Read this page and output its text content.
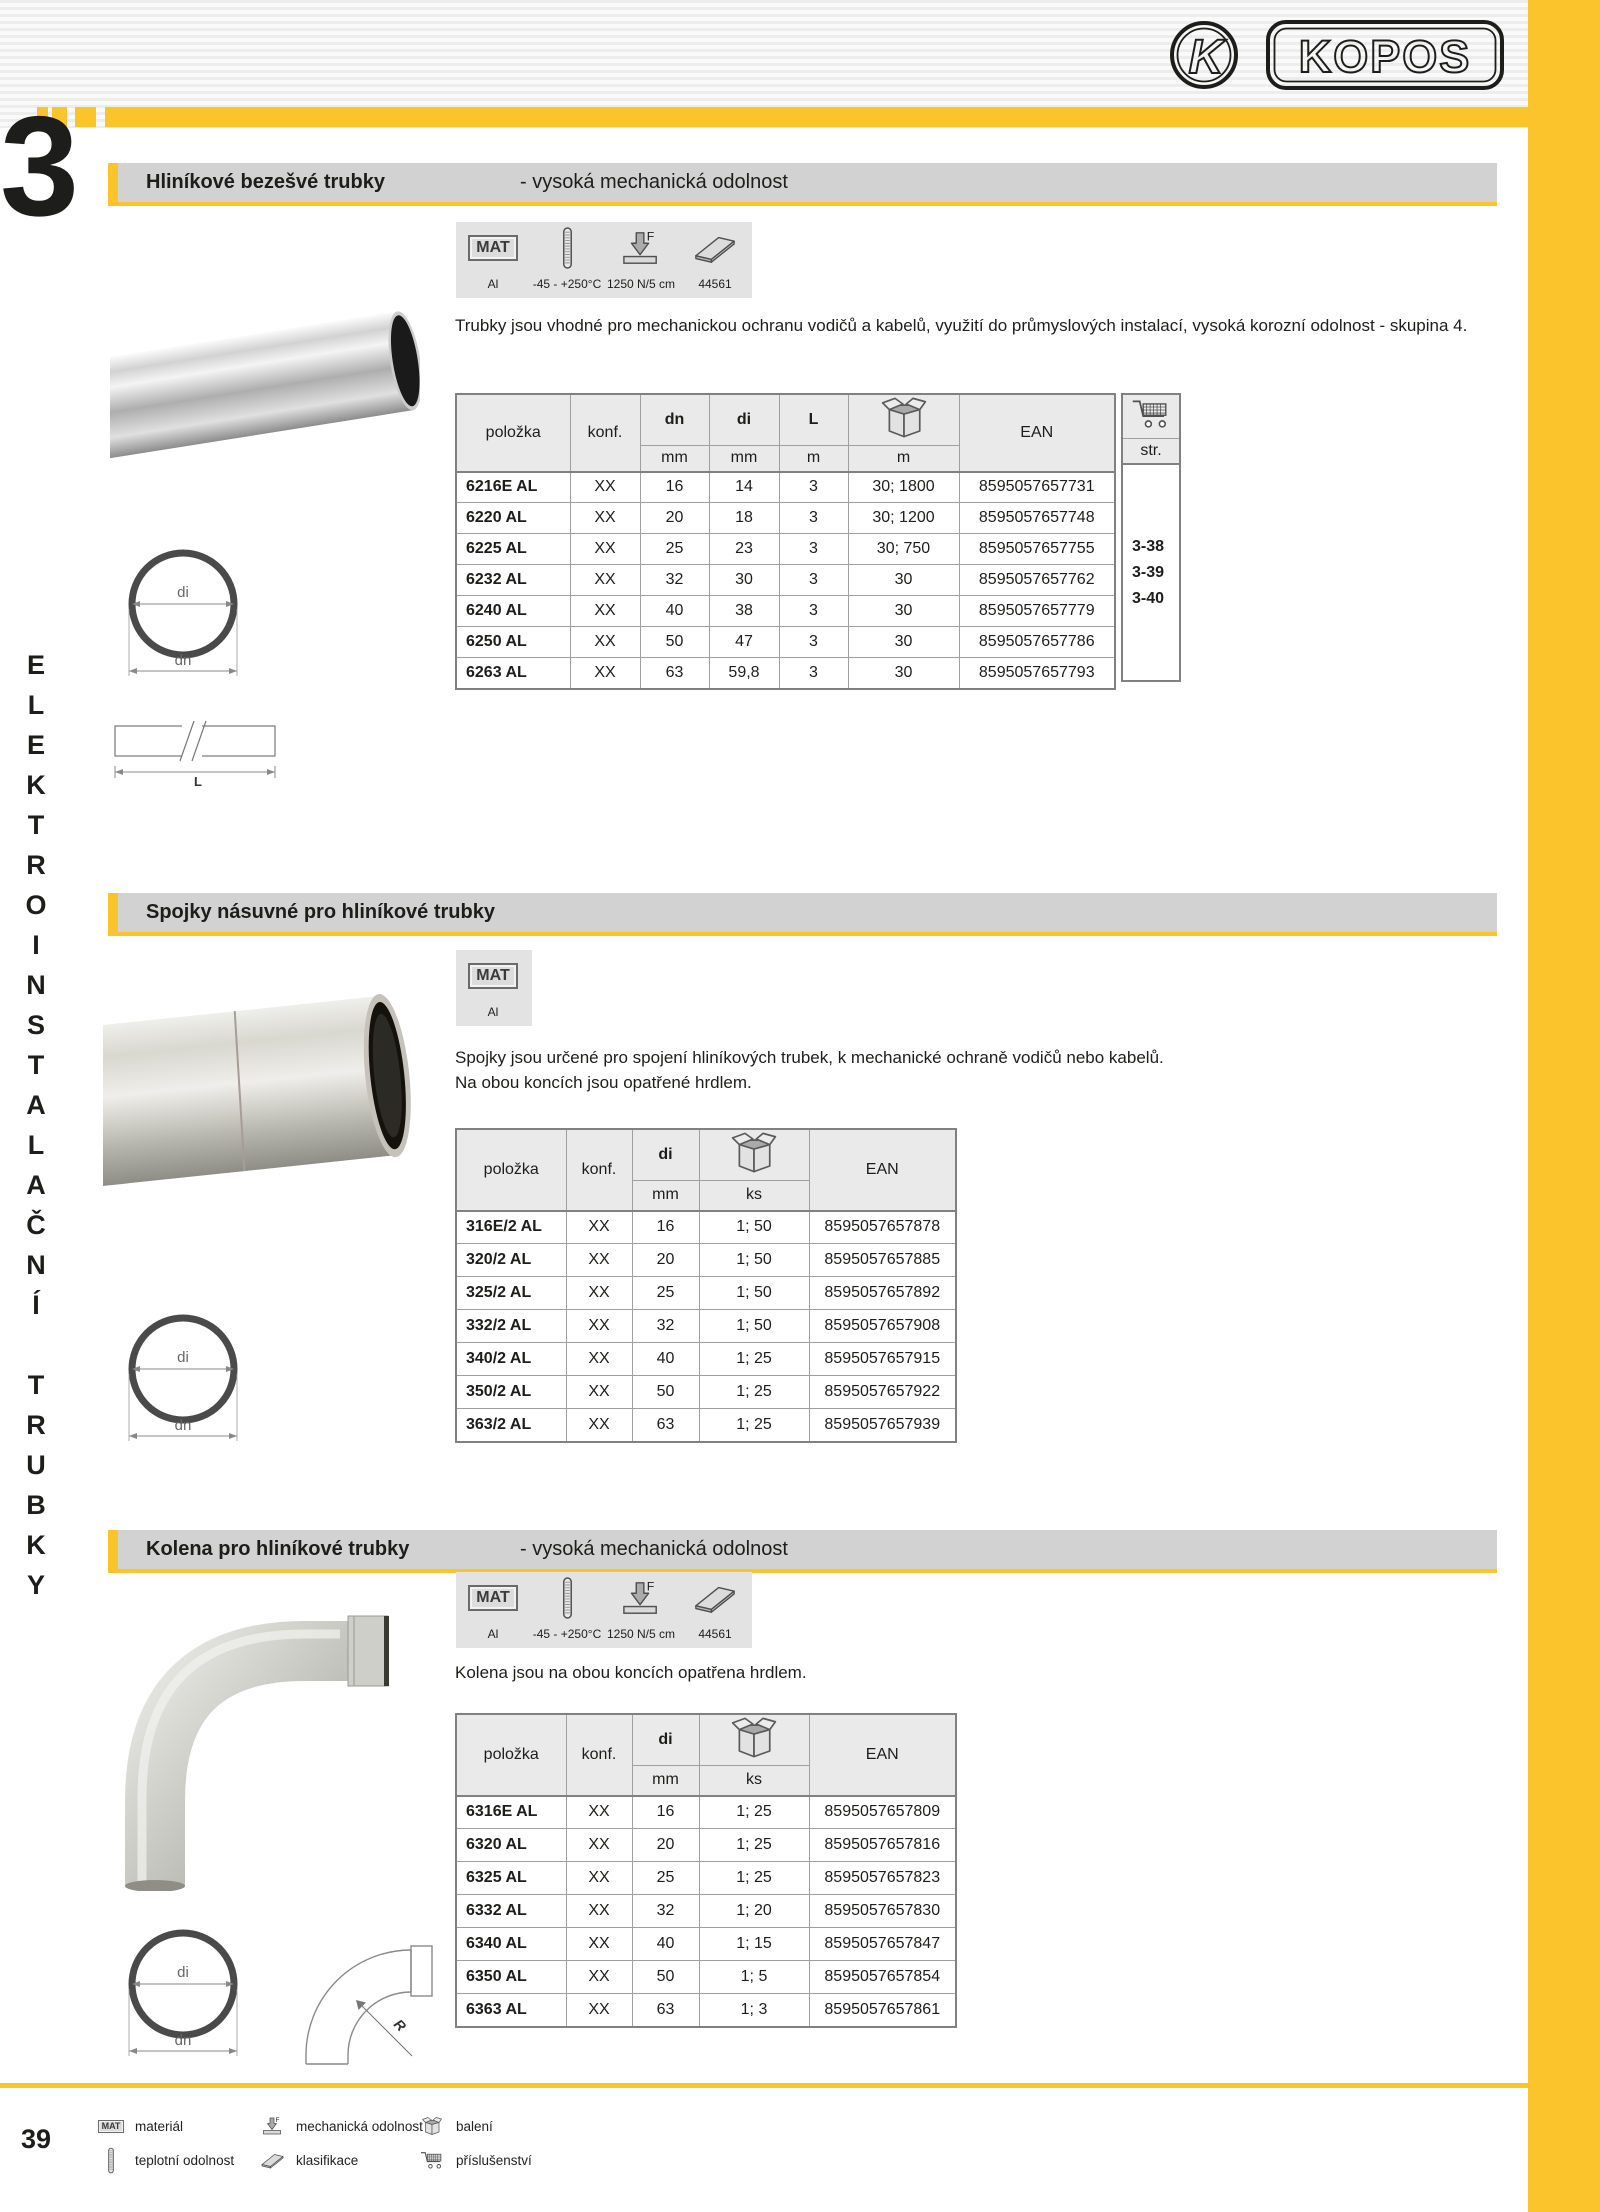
K KOPOS
3
E
L
E
K
T
R
O
I
N
S
T
A
L
A
Č
N
Í
T
R
U
B
K
Y
39
Hliníkové bezešvé trubky	- vysoká mechanická odolnost
di
dn
L
MAT
Al	-45 - +250°C 1250 N/5 cm 44561
Trubky jsou vhodné pro mechanickou ochranu vodičů a kabelů, využití do průmyslových instalací, vysoká korozní odolnost - skupina 4.
položka	konf.	dn	di	L		EAN
		mm	mm	m	m	
6216E AL	XX	16	14	3	30; 1800	8595057657731
6220 AL	XX	20	18	3	30; 1200	8595057657748
6225 AL	XX	25	23	3	30; 750	8595057657755
6232 AL	XX	32	30	3	30	8595057657762
6240 AL	XX	40	38	3	30	8595057657779
6250 AL	XX	50	47	3	30	8595057657786
6263 AL	XX	63	59,8	3	30	8595057657793

str.

3-38
3-39
3-40
Spojky násuvné pro hliníkové trubky
di
dn
MAT
Al
Spojky jsou určené pro spojení hliníkových trubek, k mechanické ochraně vodičů nebo kabelů.
Na obou koncích jsou opatřené hrdlem.
položka	konf.	di		EAN
		mm	ks	
316E/2 AL	XX	16	1; 50	8595057657878
320/2 AL	XX	20	1; 50	8595057657885
325/2 AL	XX	25	1; 50	8595057657892
332/2 AL	XX	32	1; 50	8595057657908
340/2 AL	XX	40	1; 25	8595057657915
350/2 AL	XX	50	1; 25	8595057657922
363/2 AL	XX	63	1; 25	8595057657939
Kolena pro hliníkové trubky	- vysoká mechanická odolnost
MAT
Al	-45 - +250°C 1250 N/5 cm 44561
Kolena jsou na obou koncích opatřena hrdlem.
položka	konf.	di		EAN
		mm	ks	
6316E AL	XX	16	1; 25	8595057657809
6320 AL	XX	20	1; 25	8595057657816
6325 AL	XX	25	1; 25	8595057657823
6332 AL	XX	32	1; 20	8595057657830
6340 AL	XX	40	1; 15	8595057657847
6350 AL	XX	50	1; 5	8595057657854
6363 AL	XX	63	1; 3	8595057657861
di
dn
R
MAT materiál
teplotní odolnost
mechanická odolnost
klasifikace
balení
příslušenství
